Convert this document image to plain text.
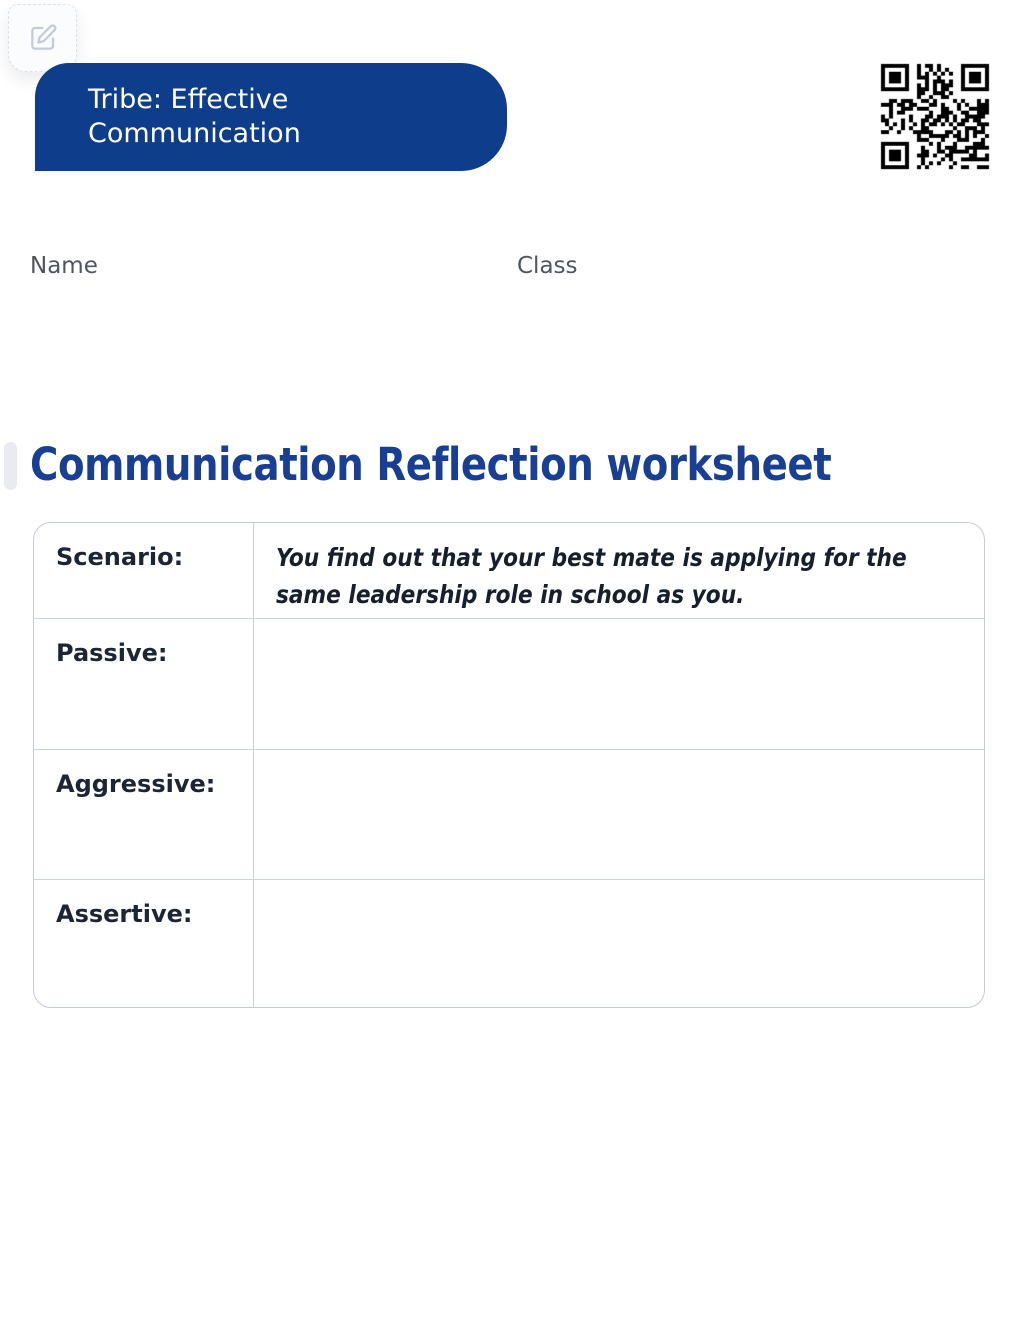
Tribe: Effective Communication
Name	Class
Communication Reflection worksheet
Scenario:	You find out that your best mate is applying for the same leadership role in school as you.
Passive:
Aggressive:
Assertive:
